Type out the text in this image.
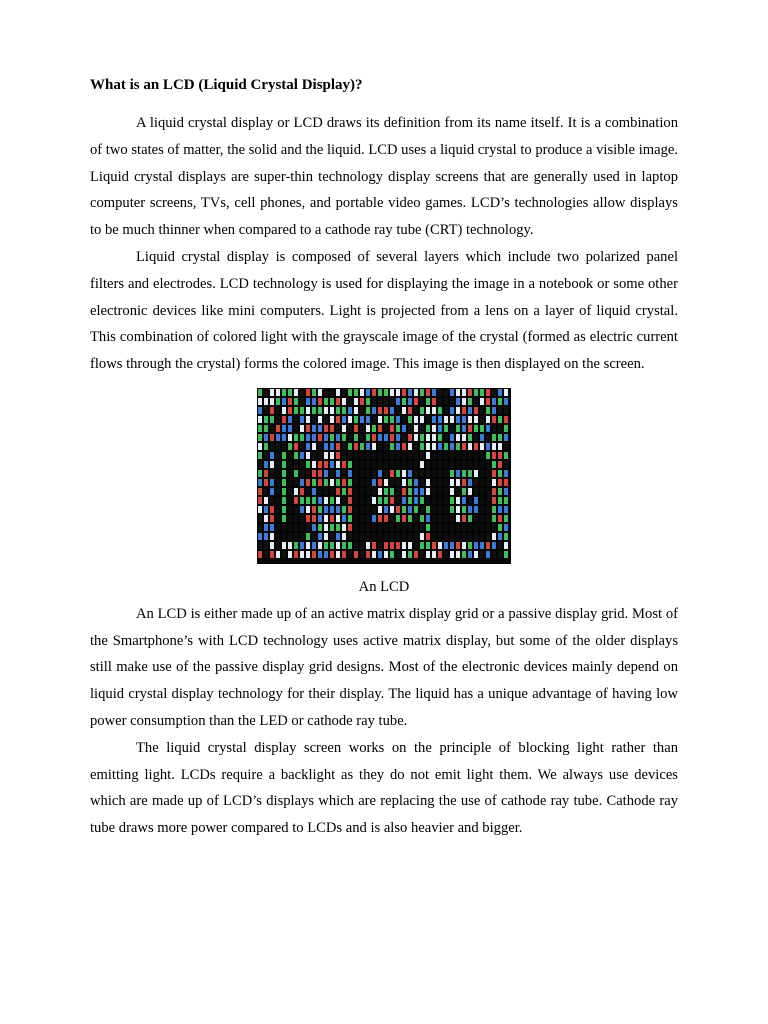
What is an LCD (Liquid Crystal Display)?

A liquid crystal display or LCD draws its definition from its name itself. It is a combination of two states of matter, the solid and the liquid. LCD uses a liquid crystal to produce a visible image. Liquid crystal displays are super-thin technology display screens that are generally used in laptop computer screens, TVs, cell phones, and portable video games. LCD’s technologies allow displays to be much thinner when compared to a cathode ray tube (CRT) technology.

Liquid crystal display is composed of several layers which include two polarized panel filters and electrodes. LCD technology is used for displaying the image in a notebook or some other electronic devices like mini computers. Light is projected from a lens on a layer of liquid crystal. This combination of colored light with the grayscale image of the crystal (formed as electric current flows through the crystal) forms the colored image. This image is then displayed on the screen.

An LCD

An LCD is either made up of an active matrix display grid or a passive display grid. Most of the Smartphone’s with LCD technology uses active matrix display, but some of the older displays still make use of the passive display grid designs. Most of the electronic devices mainly depend on liquid crystal display technology for their display. The liquid has a unique advantage of having low power consumption than the LED or cathode ray tube.

The liquid crystal display screen works on the principle of blocking light rather than emitting light. LCDs require a backlight as they do not emit light them. We always use devices which are made up of LCD’s displays which are replacing the use of cathode ray tube. Cathode ray tube draws more power compared to LCDs and is also heavier and bigger.
